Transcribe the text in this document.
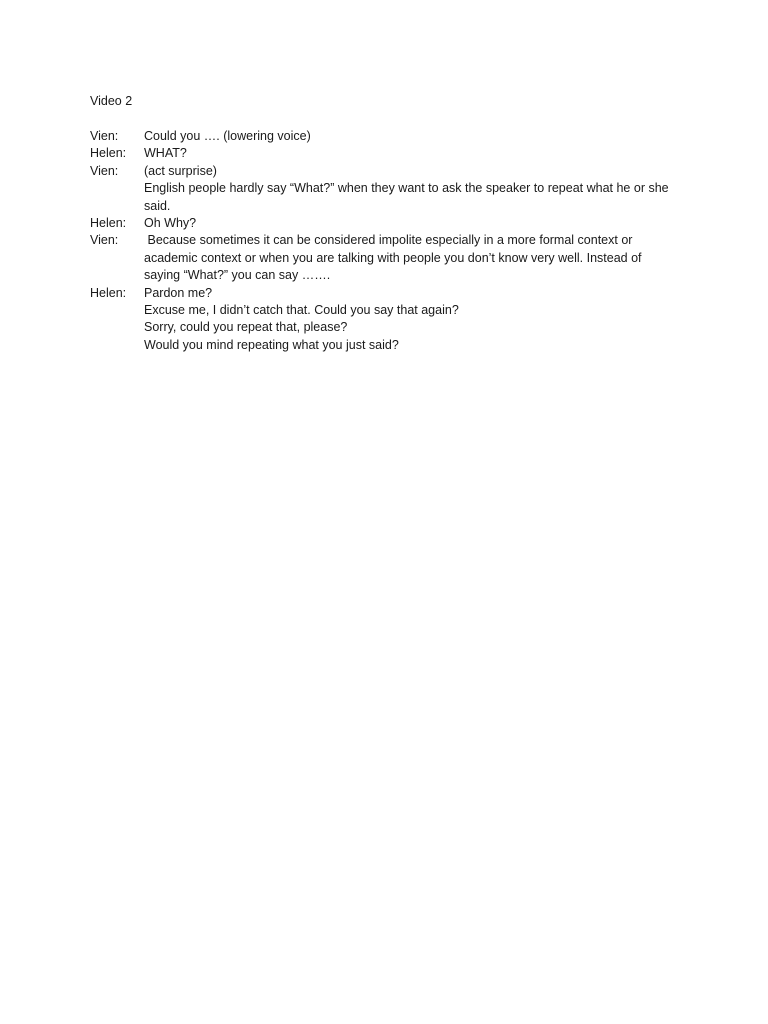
Video 2
Vien:	Could you …. (lowering voice)
Helen:	WHAT?
Vien:	(act surprise)
English people hardly say “What?” when they want to ask the speaker to repeat what he or she said.
Helen:	Oh Why?
Vien:	Because sometimes it can be considered impolite especially in a more formal context or academic context or when you are talking with people you don’t know very well. Instead of saying “What?” you can say …….
Helen:	Pardon me?
Excuse me, I didn’t catch that. Could you say that again?
Sorry, could you repeat that, please?
Would you mind repeating what you just said?
